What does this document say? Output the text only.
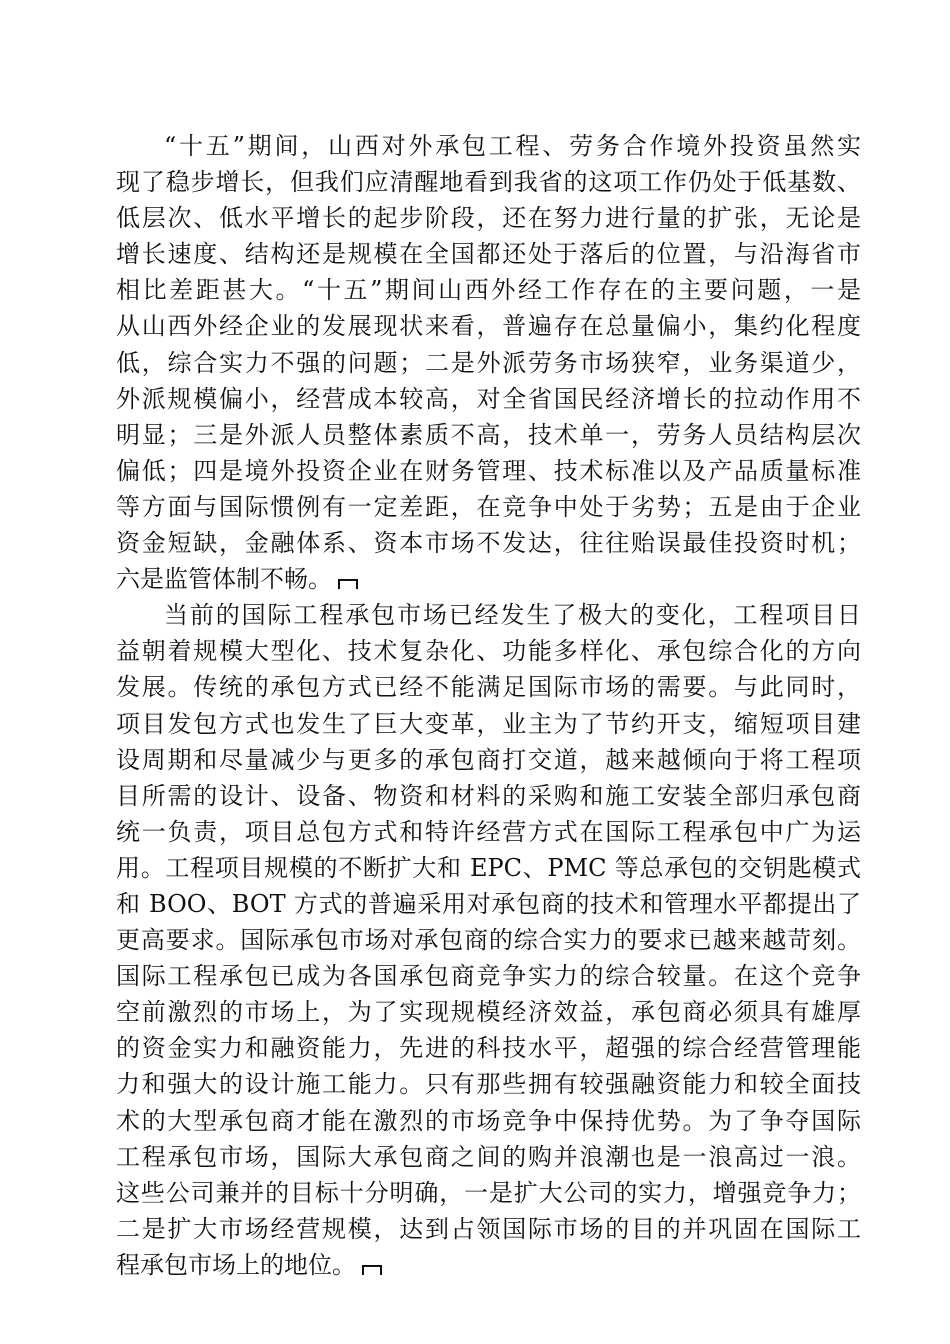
“十五”期间，山西对外承包工程、劳务合作境外投资虽然实
现了稳步增长，但我们应清醒地看到我省的这项工作仍处于低基数、
低层次、低水平增长的起步阶段，还在努力进行量的扩张，无论是
增长速度、结构还是规模在全国都还处于落后的位置，与沿海省市
相比差距甚大。“十五”期间山西外经工作存在的主要问题，一是
从山西外经企业的发展现状来看，普遍存在总量偏小，集约化程度
低，综合实力不强的问题；二是外派劳务市场狭窄，业务渠道少，
外派规模偏小，经营成本较高，对全省国民经济增长的拉动作用不
明显；三是外派人员整体素质不高，技术单一，劳务人员结构层次
偏低；四是境外投资企业在财务管理、技术标准以及产品质量标准
等方面与国际惯例有一定差距，在竞争中处于劣势；五是由于企业
资金短缺，金融体系、资本市场不发达，往往贻误最佳投资时机；
六是监管体制不畅。
当前的国际工程承包市场已经发生了极大的变化，工程项目日
益朝着规模大型化、技术复杂化、功能多样化、承包综合化的方向
发展。传统的承包方式已经不能满足国际市场的需要。与此同时，
项目发包方式也发生了巨大变革，业主为了节约开支，缩短项目建
设周期和尽量减少与更多的承包商打交道，越来越倾向于将工程项
目所需的设计、设备、物资和材料的采购和施工安装全部归承包商
统一负责，项目总包方式和特许经营方式在国际工程承包中广为运
用。工程项目规模的不断扩大和 EPC、PMC 等总承包的交钥匙模式
和 BOO、BOT 方式的普遍采用对承包商的技术和管理水平都提出了
更高要求。国际承包市场对承包商的综合实力的要求已越来越苛刻。
国际工程承包已成为各国承包商竞争实力的综合较量。在这个竞争
空前激烈的市场上，为了实现规模经济效益，承包商必须具有雄厚
的资金实力和融资能力，先进的科技水平，超强的综合经营管理能
力和强大的设计施工能力。只有那些拥有较强融资能力和较全面技
术的大型承包商才能在激烈的市场竞争中保持优势。为了争夺国际
工程承包市场，国际大承包商之间的购并浪潮也是一浪高过一浪。
这些公司兼并的目标十分明确，一是扩大公司的实力，增强竞争力；
二是扩大市场经营规模，达到占领国际市场的目的并巩固在国际工
程承包市场上的地位。
